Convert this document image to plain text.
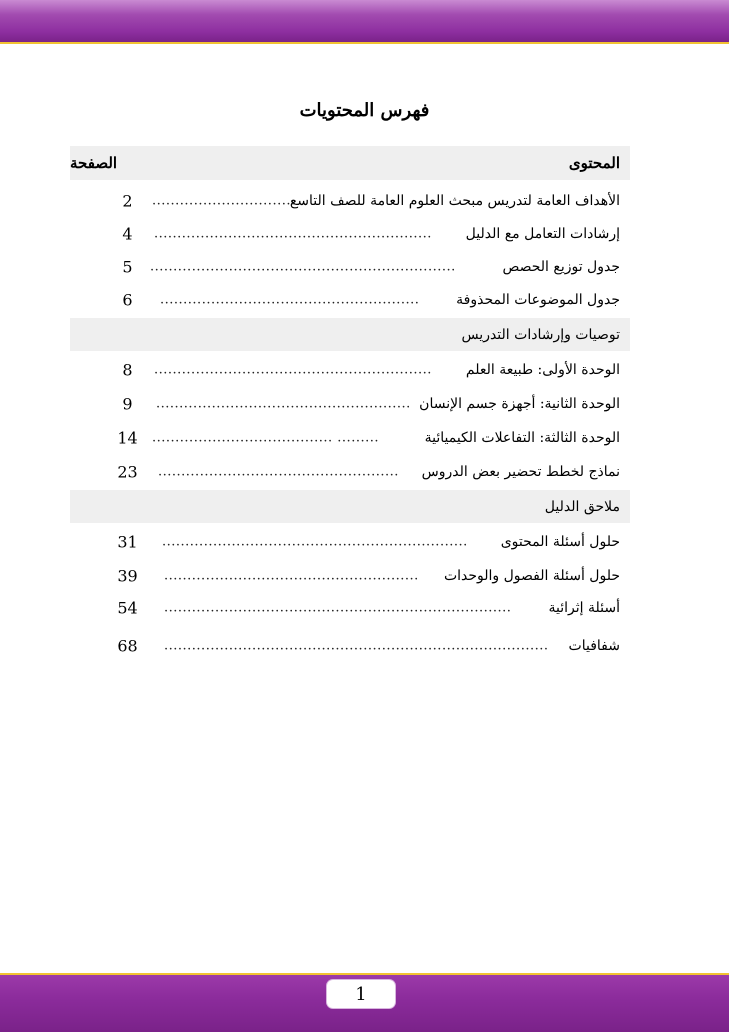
فهرس المحتويات
المحتوى
الصفحة
الأهداف العامة لتدريس مبحث العلوم العامة للصف التاسع
...............................
2
إرشادات التعامل مع الدليل
............................................................
4
جدول توزيع الحصص
..................................................................
5
جدول الموضوعات المحذوفة
........................................................
6
توصيات وإرشادات التدريس
الوحدة الأولى: طبيعة العلم
............................................................
8
الوحدة الثانية: أجهزة جسم الإنسان
.......................................................
9
الوحدة الثالثة: التفاعلات الكيميائية
....................................... .........
14
نماذج لخطط تحضير بعض الدروس
....................................................
23
ملاحق الدليل
حلول أسئلة المحتوى
..................................................................
31
حلول أسئلة الفصول والوحدات
.......................................................
39
أسئلة إثرائية
...........................................................................
54
شفافيات
...................................................................................
68
1
